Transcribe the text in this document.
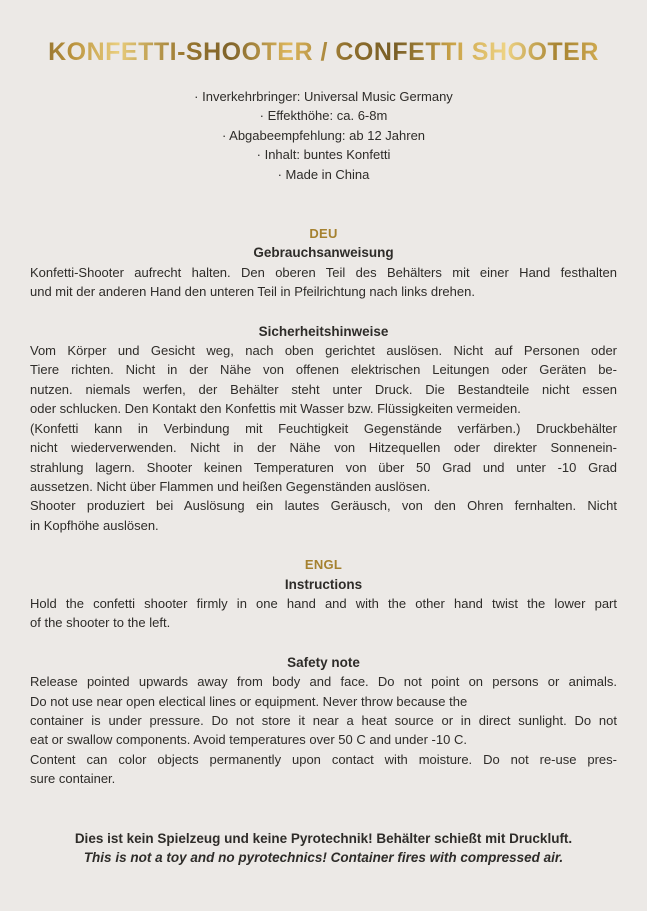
KONFETTI-SHOOTER / CONFETTI SHOOTER
· Inverkehrbringer: Universal Music Germany
· Effekthöhe: ca. 6-8m
· Abgabeempfehlung: ab 12 Jahren
· Inhalt: buntes Konfetti
· Made in China
DEU
Gebrauchsanweisung
Konfetti-Shooter aufrecht halten. Den oberen Teil des Behälters mit einer Hand festhalten
und mit der anderen Hand den unteren Teil in Pfeilrichtung nach links drehen.
Sicherheitshinweise
Vom Körper und Gesicht weg, nach oben gerichtet auslösen. Nicht auf Personen oder
Tiere richten. Nicht in der Nähe von offenen elektrischen Leitungen oder Geräten be-
nutzen. niemals werfen, der Behälter steht unter Druck. Die Bestandteile nicht essen
oder schlucken. Den Kontakt den Konfettis mit Wasser bzw. Flüssigkeiten vermeiden.
(Konfetti kann in Verbindung mit Feuchtigkeit Gegenstände verfärben.) Druckbehälter
nicht wiederverwenden. Nicht in der Nähe von Hitzequellen oder direkter Sonnenein-
strahlung lagern. Shooter keinen Temperaturen von über 50 Grad und unter -10 Grad
aussetzen. Nicht über Flammen und heißen Gegenständen auslösen.
Shooter produziert bei Auslösung ein lautes Geräusch, von den Ohren fernhalten. Nicht
in Kopfhöhe auslösen.
ENGL
Instructions
Hold the confetti shooter firmly in one hand and with the other hand twist the lower part
of the shooter to the left.
Safety note
Release pointed upwards away from body and face. Do not point on persons or animals.
Do not use near open electical lines or equipment. Never throw because the
container is under pressure. Do not store it near a heat source or in direct sunlight. Do not
eat or swallow components. Avoid temperatures over 50 C and under -10 C.
Content can color objects permanently upon contact with moisture. Do not re-use pres-
sure container.
Dies ist kein Spielzeug und keine Pyrotechnik! Behälter schießt mit Druckluft.
This is not a toy and no pyrotechnics! Container fires with compressed air.
